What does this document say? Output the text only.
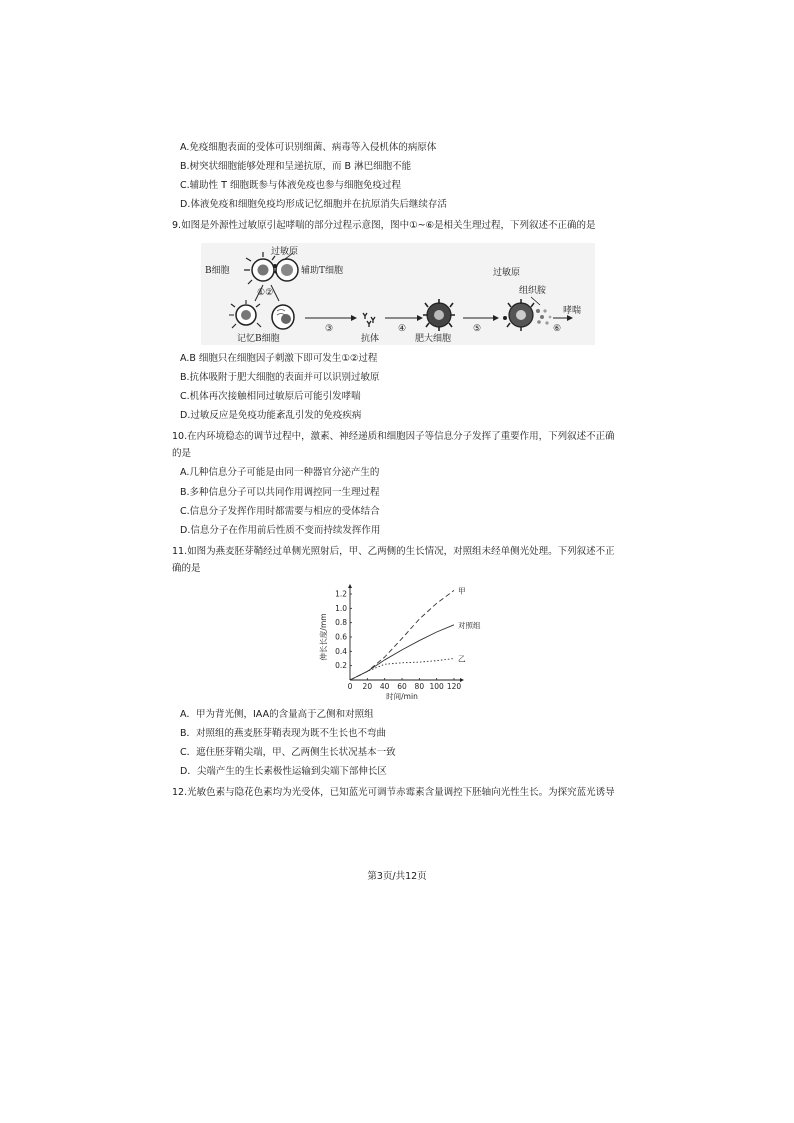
A.免疫细胞表面的受体可识别细菌、病毒等入侵机体的病原体
B.树突状细胞能够处理和呈递抗原，而 B 淋巴细胞不能
C.辅助性 T 细胞既参与体液免疫也参与细胞免疫过程
D.体液免疫和细胞免疫均形成记忆细胞并在抗原消失后继续存活
9.如图是外源性过敏原引起哮喘的部分过程示意图，图中①~⑥是相关生理过程，下列叙述不正确的是
过敏原
B细胞	辅助T细胞
①②
记忆B细胞
③
抗体
④
肥大细胞
⑤
过敏原
组织胺
⑥
哮喘
A.B 细胞只在细胞因子刺激下即可发生①②过程
B.抗体吸附于肥大细胞的表面并可以识别过敏原
C.机体再次接触相同过敏原后可能引发哮喘
D.过敏反应是免疫功能紊乱引发的免疫疾病
10.在内环境稳态的调节过程中，激素、神经递质和细胞因子等信息分子发挥了重要作用，下列叙述不正确
的是
A.几种信息分子可能是由同一种器官分泌产生的
B.多种信息分子可以共同作用调控同一生理过程
C.信息分子发挥作用时都需要与相应的受体结合
D.信息分子在作用前后性质不变而持续发挥作用
11.如图为燕麦胚芽鞘经过单侧光照射后，甲、乙两侧的生长情况，对照组未经单侧光处理。下列叙述不正
确的是
0 20 40 60 80 100 120
0.2
0.4
0.6
0.8
1.0
1.2	甲
对照组
乙
时间/min
伸长长度/mm
A．甲为背光侧，IAA的含量高于乙侧和对照组
B．对照组的燕麦胚芽鞘表现为既不生长也不弯曲
C．遮住胚芽鞘尖端，甲、乙两侧生长状况基本一致
D．尖端产生的生长素极性运输到尖端下部伸长区
12.光敏色素与隐花色素均为光受体，已知蓝光可调节赤霉素含量调控下胚轴向光性生长。为探究蓝光诱导
第3页/共12页
